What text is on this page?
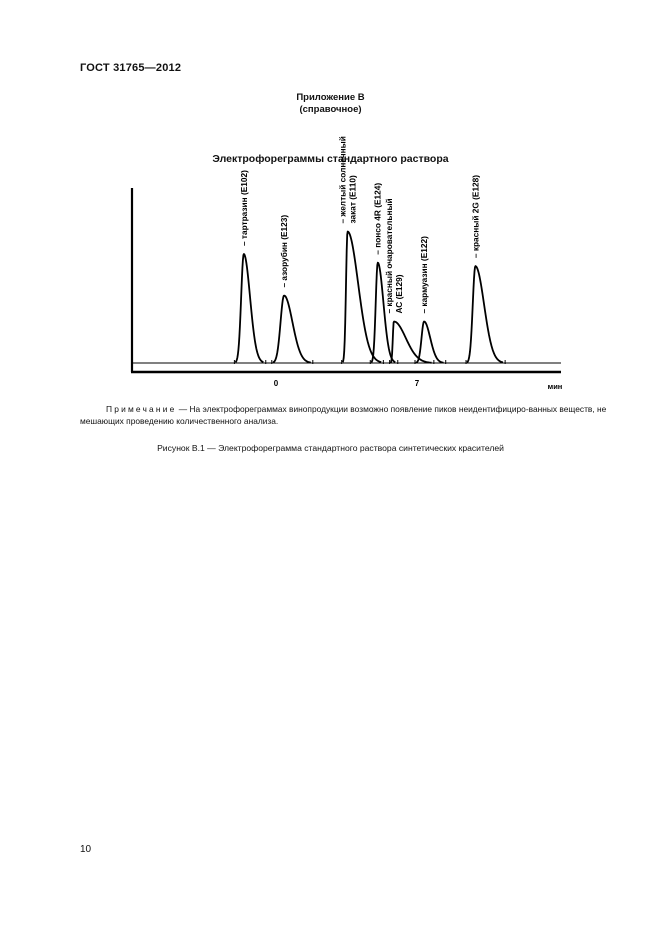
ГОСТ 31765—2012
Приложение В
(справочное)
Электрофореграммы стандартного раствора
0	7	мин
– тартразин (Е102)
– азорубин (Е123)
– желтый солнечный закат (Е110) – понсо 4R (Е124) – красный очаровательный АС (Е129) – кармуазин (Е122)
– красный 2G (Е128)
Примечание — На электрофореграммах винопродукции возможно появление пиков неидентифициро-ванных веществ, не мешающих проведению количественного анализа.
Рисунок В.1 — Электрофореграмма стандартного раствора синтетических красителей
10
